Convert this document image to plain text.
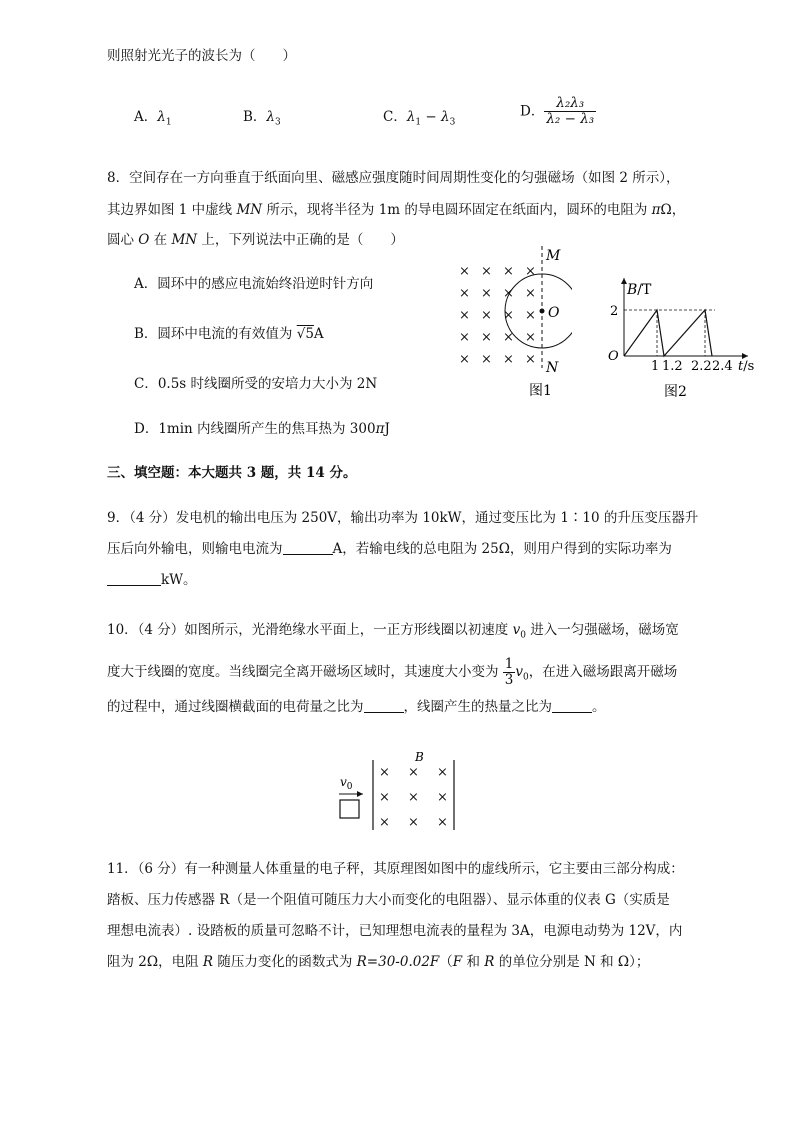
则照射光光子的波长为（　　）
A．$\lambda_1$	B．$\lambda_3$	C．$\lambda_1 - \lambda_3$
D． $\frac{\text{λ₂λ₃}}{\text{λ₂ − λ₃}}$
8．空间存在一方向垂直于纸面向里、磁感应强度随时间周期性变化的匀强磁场（如图 2 所示），
其边界如图 1 中虚线 MN 所示，现将半径为 1m 的导电圆环固定在纸面内，圆环的电阻为 πΩ，
圆心 O 在 MN 上，下列说法中正确的是（　　）
A．圆环中的感应电流始终沿逆时针方向
B．圆环中电流的有效值为 √5A
C．0.5s 时线圈所受的安培力大小为 2N
D．1min 内线圈所产生的焦耳热为 300πJ
× × × ×
× × × ×
× × × ×
× × × ×
× × × ×
M
O
N
图1
B/T
2
O
1 1.2 2.2 2.4 t/s
图2
三、填空题：本大题共 3 题，共 14 分。
9．（4 分）发电机的输出电压为 250V，输出功率为 10kW，通过变压比为 1∶10 的升压变压器升
压后向外输电，则输电电流为	A，若输电线的总电阻为 25Ω，则用户得到的实际功率为
kW。
10．（4 分）如图所示，光滑绝缘水平面上，一正方形线圈以初速度 $v_0$ 进入一匀强磁场，磁场宽
度大于线圈的宽度。当线圈完全离开磁场区域时，其速度大小变为 $\frac{1}{3} v_0$，在进入磁场跟离开磁场
的过程中，通过线圈横截面的电荷量之比为	，线圈产生的热量之比为	。
× × ×
× × ×
× × ×
B
$v_0$
11．（6 分）有一种测量人体重量的电子秤，其原理图如图中的虚线所示，它主要由三部分构成：
踏板、压力传感器 R（是一个阻值可随压力大小而变化的电阻器）、显示体重的仪表 G（实质是
理想电流表）. 设踏板的质量可忽略不计，已知理想电流表的量程为 3A，电源电动势为 12V，内
阻为 2Ω，电阻 R 随压力变化的函数式为 R=30-0.02F（F 和 R 的单位分别是 N 和 Ω）；
